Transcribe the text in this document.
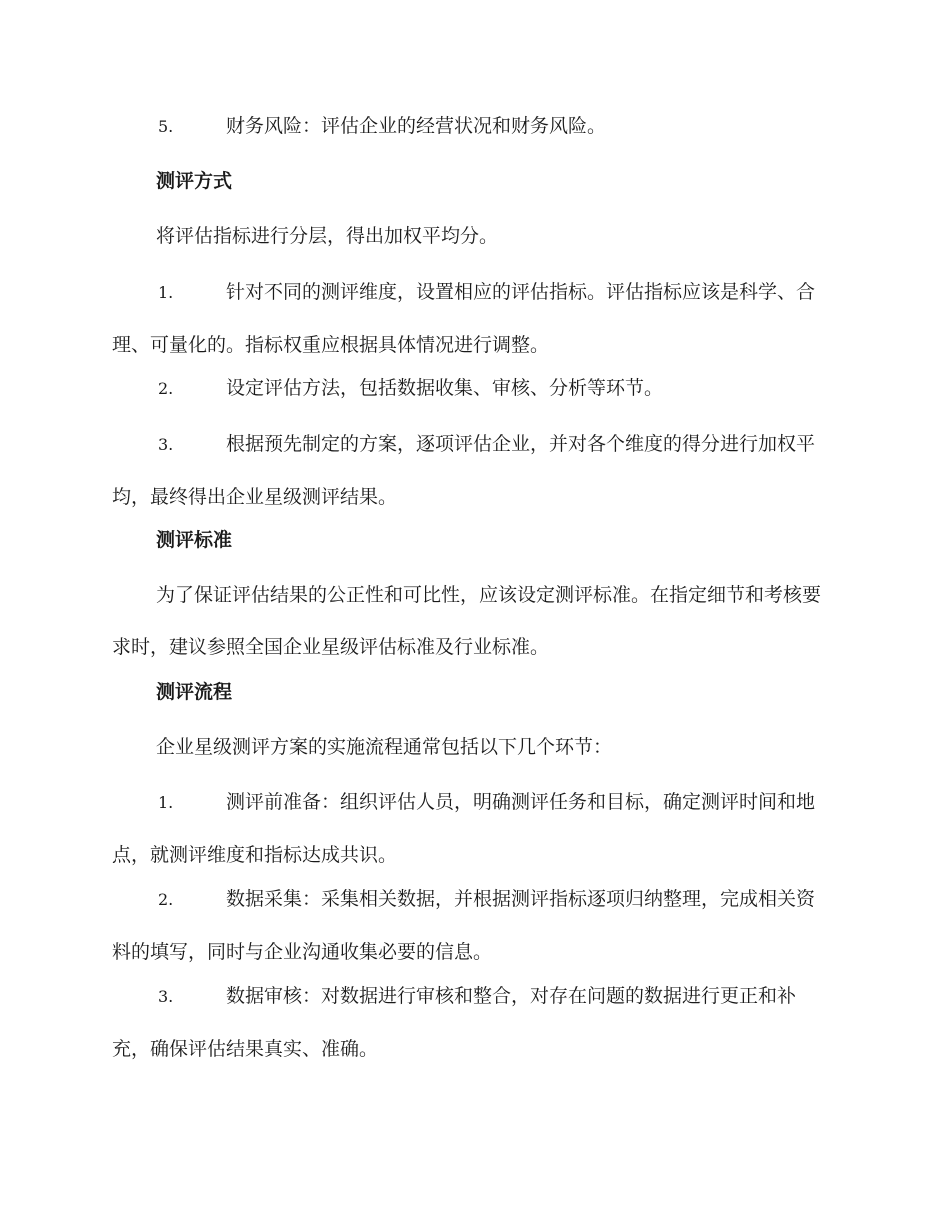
5.	财务风险：评估企业的经营状况和财务风险。

测评方式

将评估指标进行分层，得出加权平均分。

1.	针对不同的测评维度，设置相应的评估指标。评估指标应该是科学、合理、可量化的。指标权重应根据具体情况进行调整。

2.	设定评估方法，包括数据收集、审核、分析等环节。

3.	根据预先制定的方案，逐项评估企业，并对各个维度的得分进行加权平均，最终得出企业星级测评结果。

测评标准

为了保证评估结果的公正性和可比性，应该设定测评标准。在指定细节和考核要求时，建议参照全国企业星级评估标准及行业标准。

测评流程

企业星级测评方案的实施流程通常包括以下几个环节：

1.	测评前准备：组织评估人员，明确测评任务和目标，确定测评时间和地点，就测评维度和指标达成共识。

2.	数据采集：采集相关数据，并根据测评指标逐项归纳整理，完成相关资料的填写，同时与企业沟通收集必要的信息。

3.	数据审核：对数据进行审核和整合，对存在问题的数据进行更正和补充，确保评估结果真实、准确。
